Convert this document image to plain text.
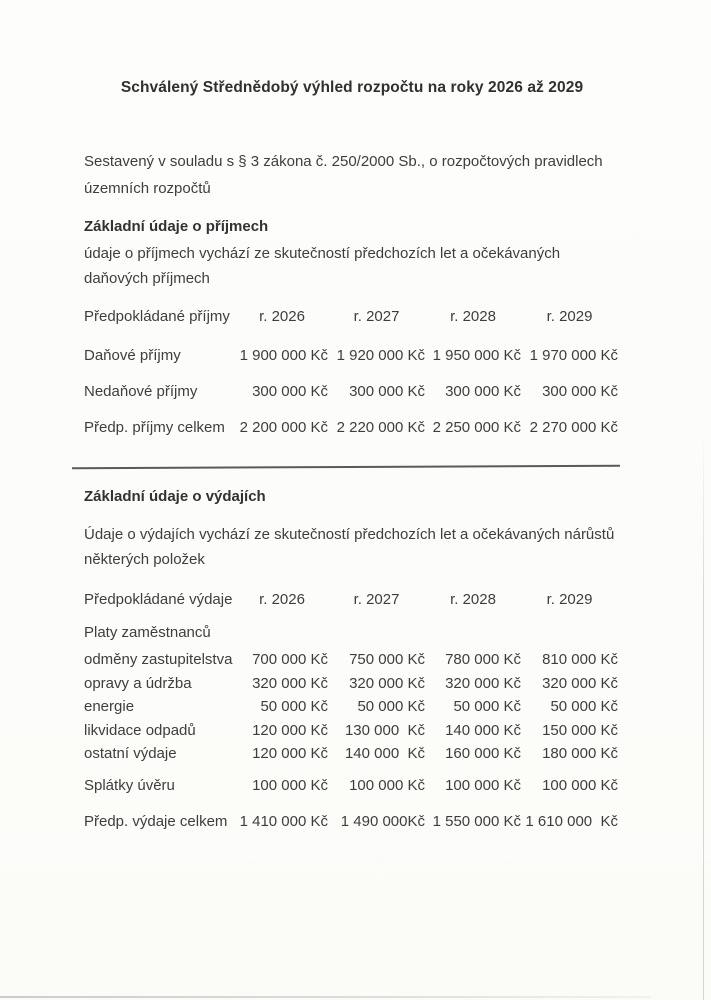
Schválený Střednědobý výhled rozpočtu na roky 2026 až 2029
Sestavený v souladu s § 3 zákona č. 250/2000 Sb., o rozpočtových pravidlech územních rozpočtů
Základní údaje o příjmech
údaje o příjmech vychází ze skutečností předchozích let a očekávaných daňových příjmech
Předpokládané příjmy	r. 2026	r. 2027	r. 2028	r. 2029
Daňové příjmy	1 900 000 Kč 1 920 000 Kč 1 950 000 Kč 1 970 000 Kč
Nedaňové příjmy	300 000 Kč	300 000 Kč	300 000 Kč	300 000 Kč
Předp. příjmy celkem 2 200 000 Kč 2 220 000 Kč 2 250 000 Kč 2 270 000 Kč
Základní údaje o výdajích
Údaje o výdajích vychází ze skutečností předchozích let a očekávaných nárůstů některých položek
Předpokládané výdaje	r. 2026	r. 2027	r. 2028	r. 2029
Platy zaměstnanců
odměny zastupitelstva	700 000 Kč	750 000 Kč	780 000 Kč	810 000 Kč
opravy a údržba	320 000 Kč	320 000 Kč	320 000 Kč	320 000 Kč
energie	50 000 Kč	50 000 Kč	50 000 Kč	50 000 Kč
likvidace odpadů	120 000 Kč	130 000  Kč	140 000 Kč	150 000 Kč
ostatní výdaje	120 000 Kč	140 000  Kč	160 000 Kč	180 000 Kč
Splátky úvěru	100 000 Kč	100 000 Kč	100 000 Kč	100 000 Kč
Předp. výdaje celkem 1 410 000 Kč 1 490 000Kč 1 550 000 Kč 1 610 000  Kč
